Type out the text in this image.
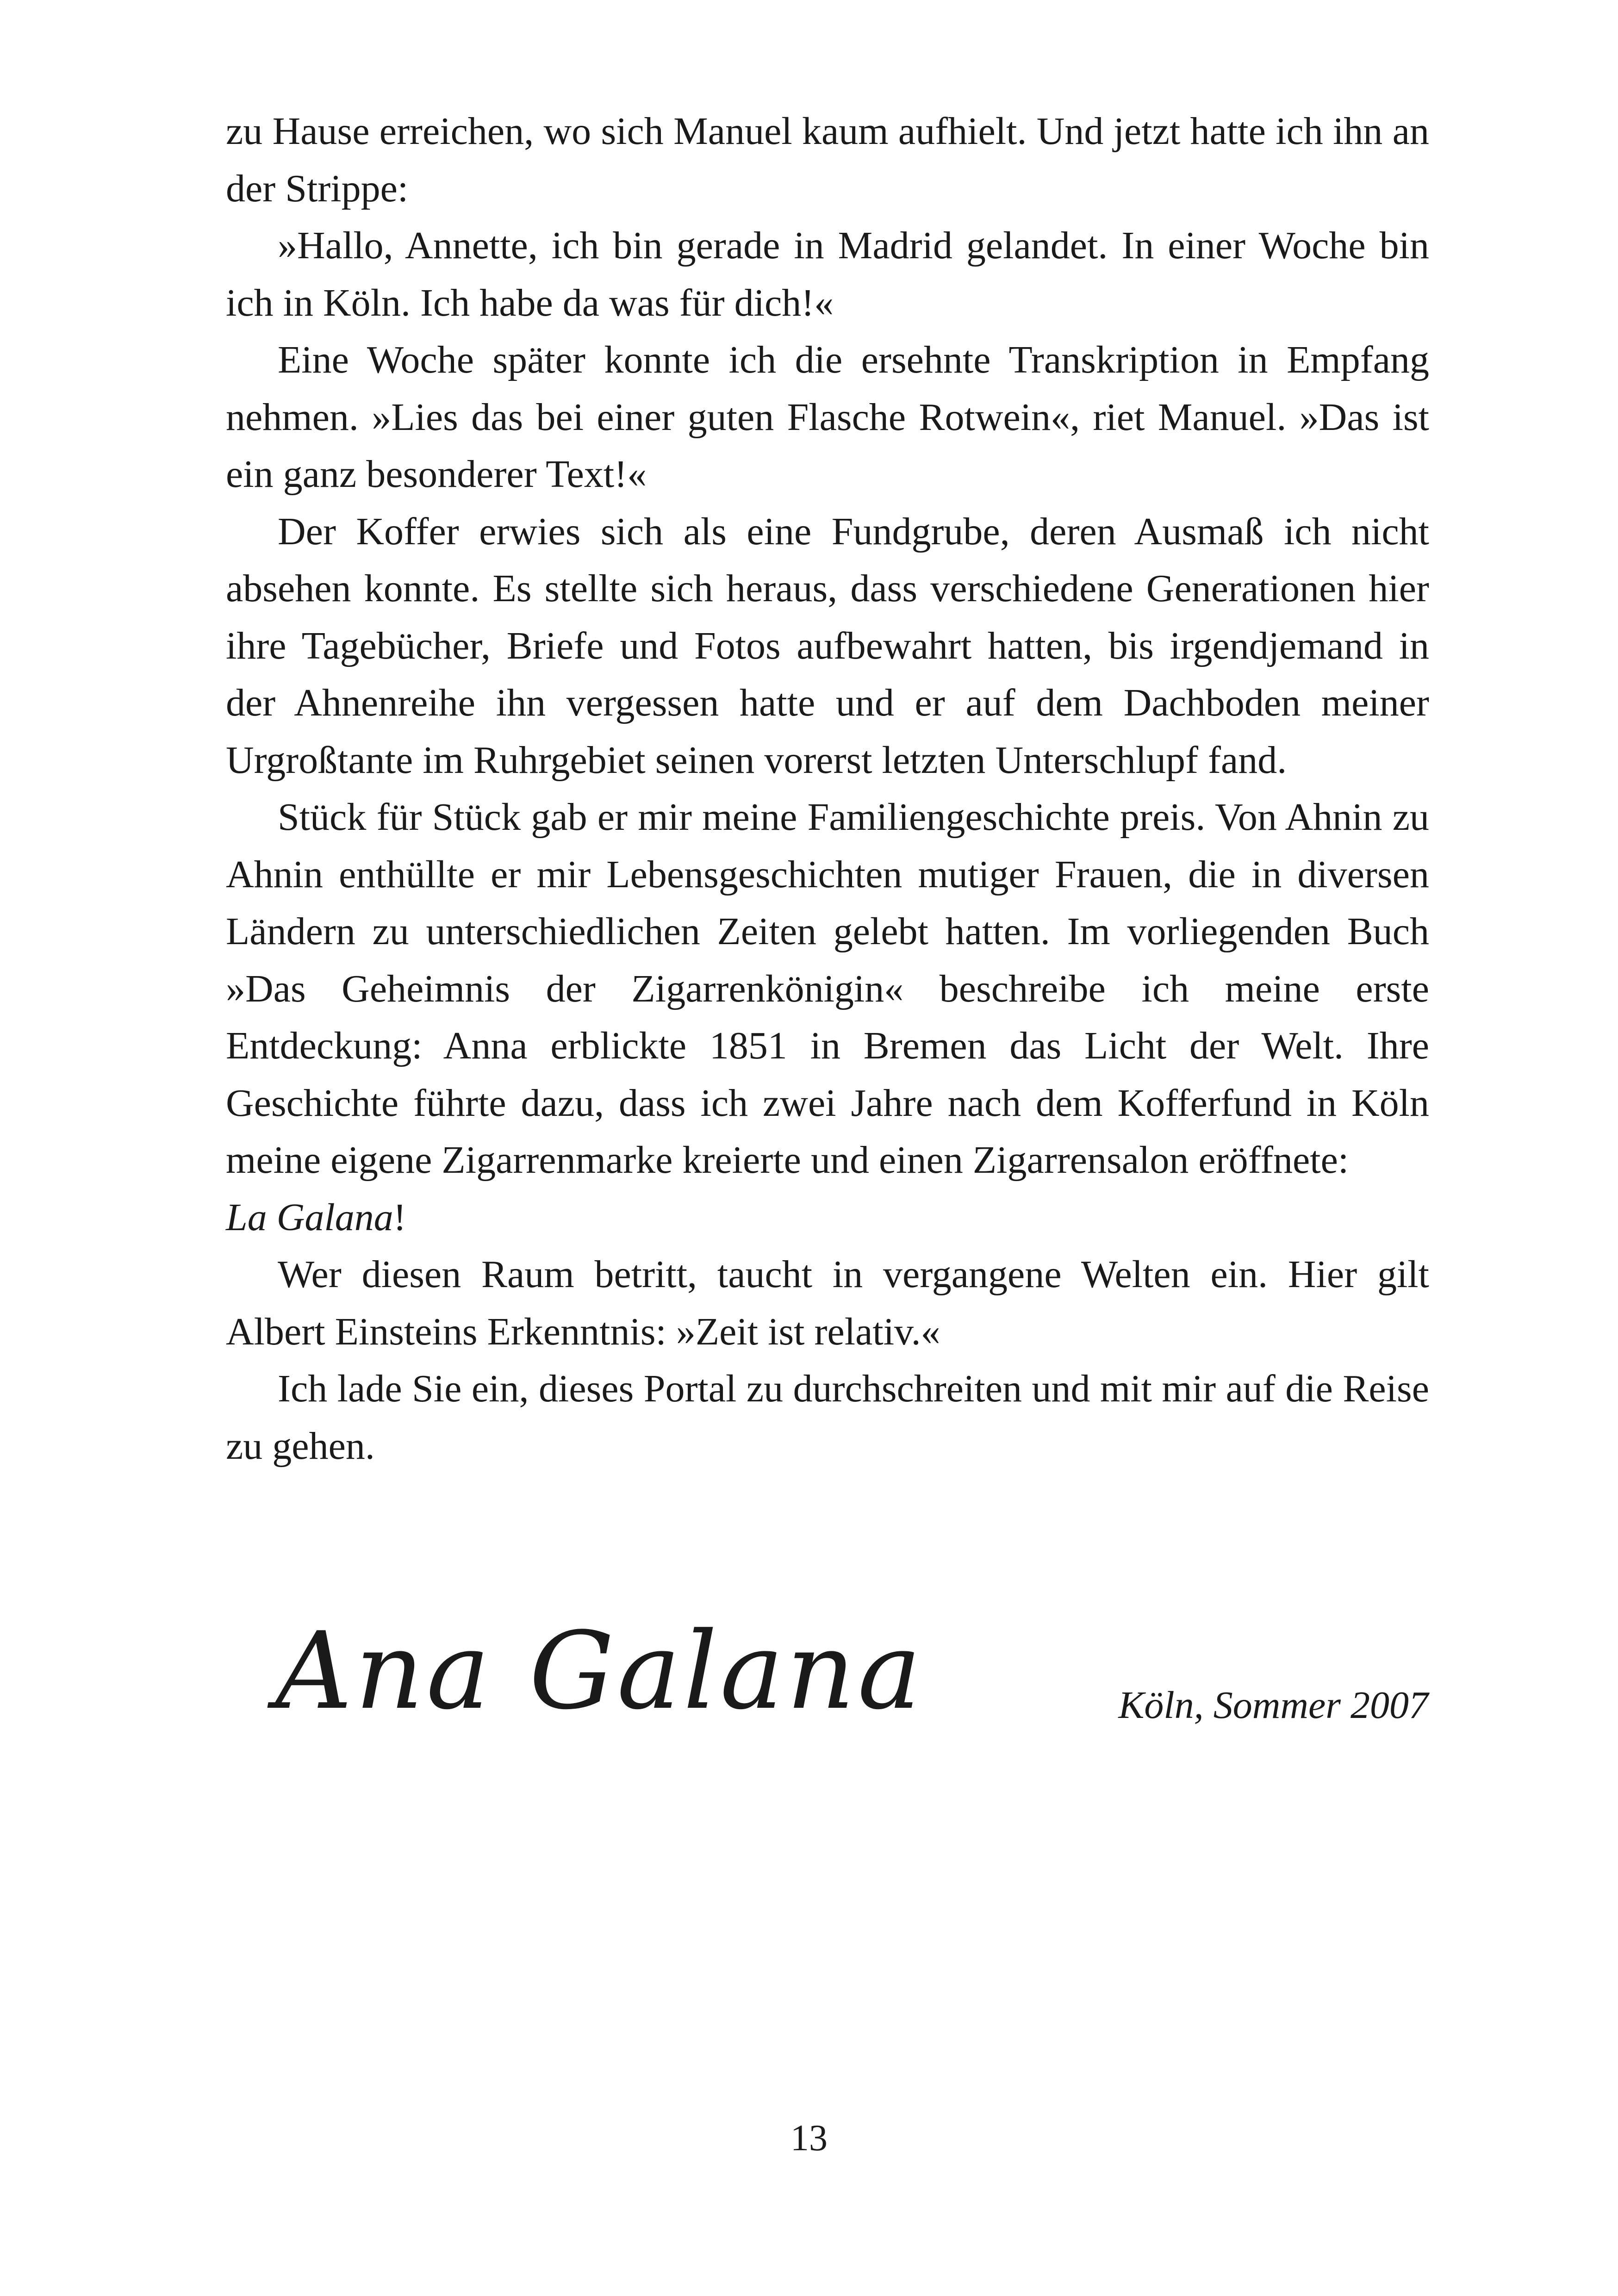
zu Hause erreichen, wo sich Manuel kaum aufhielt. Und jetzt hatte ich ihn an der Strippe:

»Hallo, Annette, ich bin gerade in Madrid gelandet. In einer Woche bin ich in Köln. Ich habe da was für dich!«

Eine Woche später konnte ich die ersehnte Transkription in Empfang nehmen. »Lies das bei einer guten Flasche Rotwein«, riet Manuel. »Das ist ein ganz besonderer Text!«

Der Koffer erwies sich als eine Fundgrube, deren Ausmaß ich nicht absehen konnte. Es stellte sich heraus, dass verschiedene Generationen hier ihre Tagebücher, Briefe und Fotos aufbewahrt hatten, bis irgendjemand in der Ahnenreihe ihn vergessen hatte und er auf dem Dachboden meiner Urgroßtante im Ruhrgebiet seinen vorerst letzten Unterschlupf fand.

Stück für Stück gab er mir meine Familiengeschichte preis. Von Ahnin zu Ahnin enthüllte er mir Lebensgeschichten mutiger Frauen, die in diversen Ländern zu unterschiedlichen Zeiten gelebt hatten. Im vorliegenden Buch »Das Geheimnis der Zigarrenkönigin« beschreibe ich meine erste Entdeckung: Anna erblickte 1851 in Bremen das Licht der Welt. Ihre Geschichte führte dazu, dass ich zwei Jahre nach dem Kofferfund in Köln meine eigene Zigarrenmarke kreierte und einen Zigarrensalon eröffnete:
La Galana!

Wer diesen Raum betritt, taucht in vergangene Welten ein. Hier gilt Albert Einsteins Erkenntnis: »Zeit ist relativ.«

Ich lade Sie ein, dieses Portal zu durchschreiten und mit mir auf die Reise zu gehen.

Ana Galana	Köln, Sommer 2007
13
